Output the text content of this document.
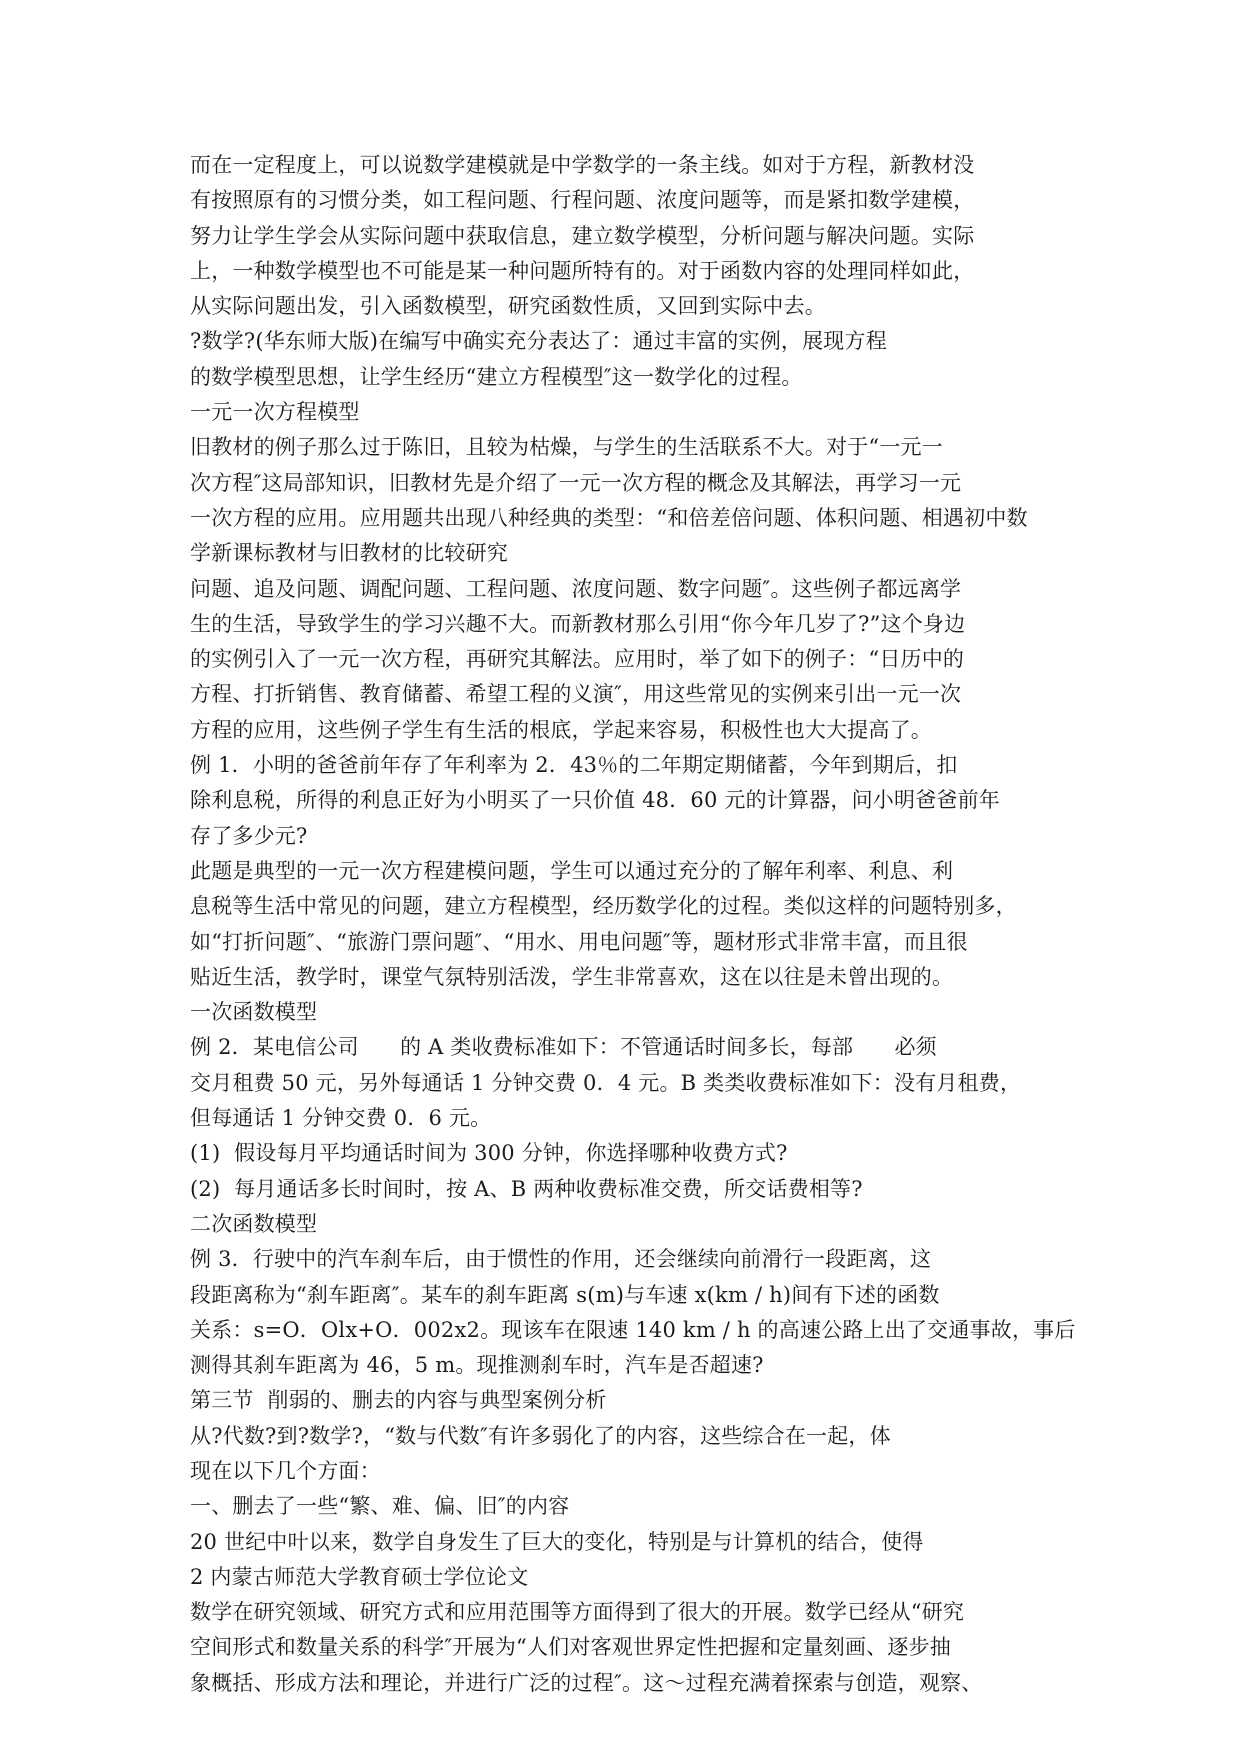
而在一定程度上，可以说数学建模就是中学数学的一条主线。如对于方程，新教材没
有按照原有的习惯分类，如工程问题、行程问题、浓度问题等，而是紧扣数学建模，
努力让学生学会从实际问题中获取信息，建立数学模型，分析问题与解决问题。实际
上，一种数学模型也不可能是某一种问题所特有的。对于函数内容的处理同样如此，
从实际问题出发，引入函数模型，研究函数性质，又回到实际中去。
?数学?(华东师大版)在编写中确实充分表达了：通过丰富的实例，展现方程
的数学模型思想，让学生经历“建立方程模型″这一数学化的过程。
一元一次方程模型
旧教材的例子那么过于陈旧，且较为枯燥，与学生的生活联系不大。对于“一元一
次方程″这局部知识，旧教材先是介绍了一元一次方程的概念及其解法，再学习一元
一次方程的应用。应用题共出现八种经典的类型：“和倍差倍问题、体积问题、相遇初中数
学新课标教材与旧教材的比较研究
问题、追及问题、调配问题、工程问题、浓度问题、数字问题″。这些例子都远离学
生的生活，导致学生的学习兴趣不大。而新教材那么引用“你今年几岁了?”这个身边
的实例引入了一元一次方程，再研究其解法。应用时，举了如下的例子：“日历中的
方程、打折销售、教育储蓄、希望工程的义演″，用这些常见的实例来引出一元一次
方程的应用，这些例子学生有生活的根底，学起来容易，积极性也大大提高了。
例 1．小明的爸爸前年存了年利率为 2．43％的二年期定期储蓄，今年到期后，扣
除利息税，所得的利息正好为小明买了一只价值 48．60 元的计算器，问小明爸爸前年
存了多少元?
此题是典型的一元一次方程建模问题，学生可以通过充分的了解年利率、利息、利
息税等生活中常见的问题，建立方程模型，经历数学化的过程。类似这样的问题特别多，
如“打折问题″、“旅游门票问题″、“用水、用电问题″等，题材形式非常丰富，而且很
贴近生活，教学时，课堂气氛特别活泼，学生非常喜欢，这在以往是未曾出现的。
一次函数模型
例 2．某电信公司      的 A 类收费标准如下：不管通话时间多长，每部      必须
交月租费 50 元，另外每通话 1 分钟交费 0．4 元。B 类类收费标准如下：没有月租费，
但每通话 1 分钟交费 0．6 元。
(1)  假设每月平均通话时间为 300 分钟，你选择哪种收费方式?
(2)  每月通话多长时间时，按 A、B 两种收费标准交费，所交话费相等?
二次函数模型
例 3．行驶中的汽车刹车后，由于惯性的作用，还会继续向前滑行一段距离，这
段距离称为“刹车距离″。某车的刹车距离 s(m)与车速 x(km / h)间有下述的函数
关系：s=O．Olx+O．002x2。现该车在限速 140 km / h 的高速公路上出了交通事故，事后
测得其刹车距离为 46，5 m。现推测刹车时，汽车是否超速?
第三节  削弱的、删去的内容与典型案例分析
从?代数?到?数学?，“数与代数″有许多弱化了的内容，这些综合在一起，体
现在以下几个方面：
一、删去了一些“繁、难、偏、旧″的内容
20 世纪中叶以来，数学自身发生了巨大的变化，特别是与计算机的结合，使得
2 内蒙古师范大学教育硕士学位论文
数学在研究领域、研究方式和应用范围等方面得到了很大的开展。数学已经从“研究
空间形式和数量关系的科学″开展为“人们对客观世界定性把握和定量刻画、逐步抽
象概括、形成方法和理论，并进行广泛的过程″。这～过程充满着探索与创造，观察、
